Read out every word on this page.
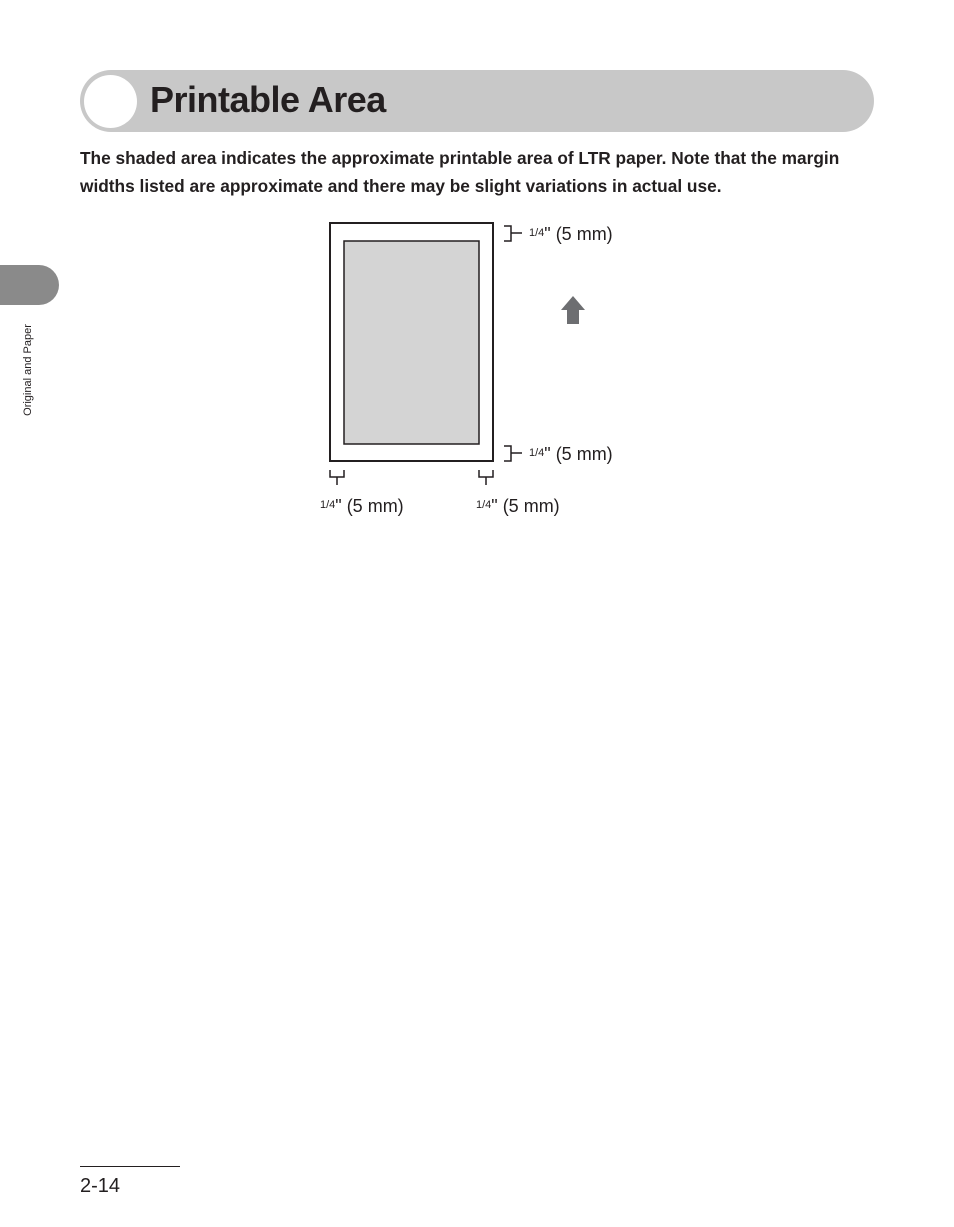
Printable Area

The shaded area indicates the approximate printable area of LTR paper. Note that the margin widths listed are approximate and there may be slight variations in actual use.

Original and Paper
$^{1/4}$" (5 mm)
$^{1/4}$" (5 mm)
$^{1/4}$" (5 mm)	$^{1/4}$" (5 mm)
2-14
